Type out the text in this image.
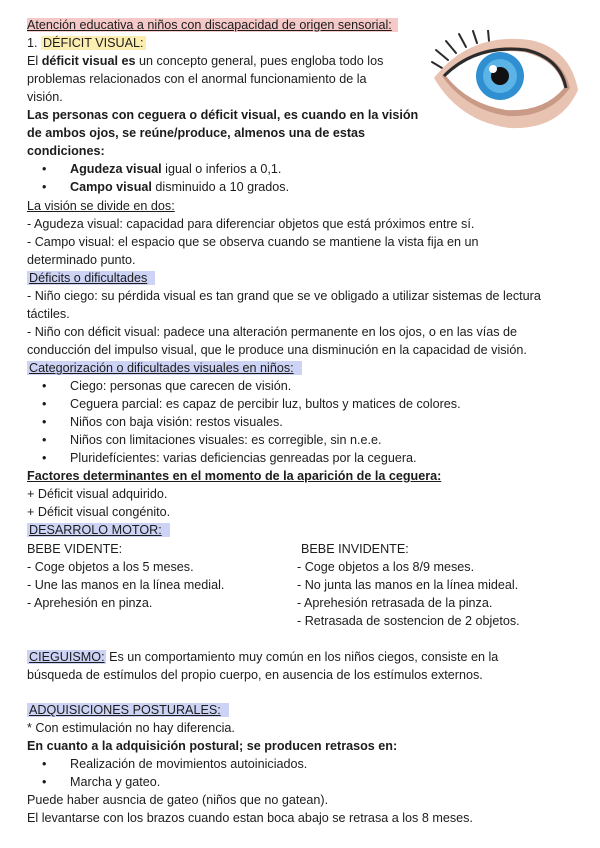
Atención educativa a niños con discapacidad de origen sensorial:
1. DÉFICIT VISUAL:
El déficit visual es un concepto general, pues engloba todo los
problemas relacionados con el anormal funcionamiento de la
visión.
Las personas con ceguera o déficit visual, es cuando en la visión
de ambos ojos, se reúne/produce, almenos una de estas
condiciones:
• Agudeza visual igual o inferios a 0,1.
• Campo visual disminuido a 10 grados.
La visión se divide en dos:
- Agudeza visual: capacidad para diferenciar objetos que está próximos entre sí.
- Campo visual: el espacio que se observa cuando se mantiene la vista fija en un
determinado punto.
Déficits o dificultades
- Niño ciego: su pérdida visual es tan grand que se ve obligado a utilizar sistemas de lectura
táctiles.
- Niño con déficit visual: padece una alteración permanente en los ojos, o en las vías de
conducción del impulso visual, que le produce una disminución en la capacidad de visión.
Categorización o dificultades visuales en niños:
• Ciego: personas que carecen de visión.
• Ceguera parcial: es capaz de percibir luz, bultos y matices de colores.
• Niños con baja visión: restos visuales.
• Niños con limitaciones visuales: es corregible, sin n.e.e.
• Pluridefícientes: varias deficiencias genreadas por la ceguera.
Factores determinantes en el momento de la aparición de la ceguera:
+ Déficit visual adquirido.
+ Déficit visual congénito.
DESARROLO MOTOR:
BEBE VIDENTE:
- Coge objetos a los 5 meses.
- Une las manos en la línea medial.
- Aprehesión en pinza.
BEBE INVIDENTE:
- Coge objetos a los 8/9 meses.
- No junta las manos en la línea mideal.
- Aprehesión retrasada de la pinza.
- Retrasada de sostencion de 2 objetos.
CIEGUISMO: Es un comportamiento muy común en los niños ciegos, consiste en la
búsqueda de estímulos del propio cuerpo, en ausencia de los estímulos externos.
ADQUISICIONES POSTURALES:
* Con estimulación no hay diferencia.
En cuanto a la adquisición postural; se producen retrasos en:
• Realización de movimientos autoiniciados.
• Marcha y gateo.
Puede haber ausncia de gateo (niños que no gatean).
El levantarse con los brazos cuando estan boca abajo se retrasa a los 8 meses.
